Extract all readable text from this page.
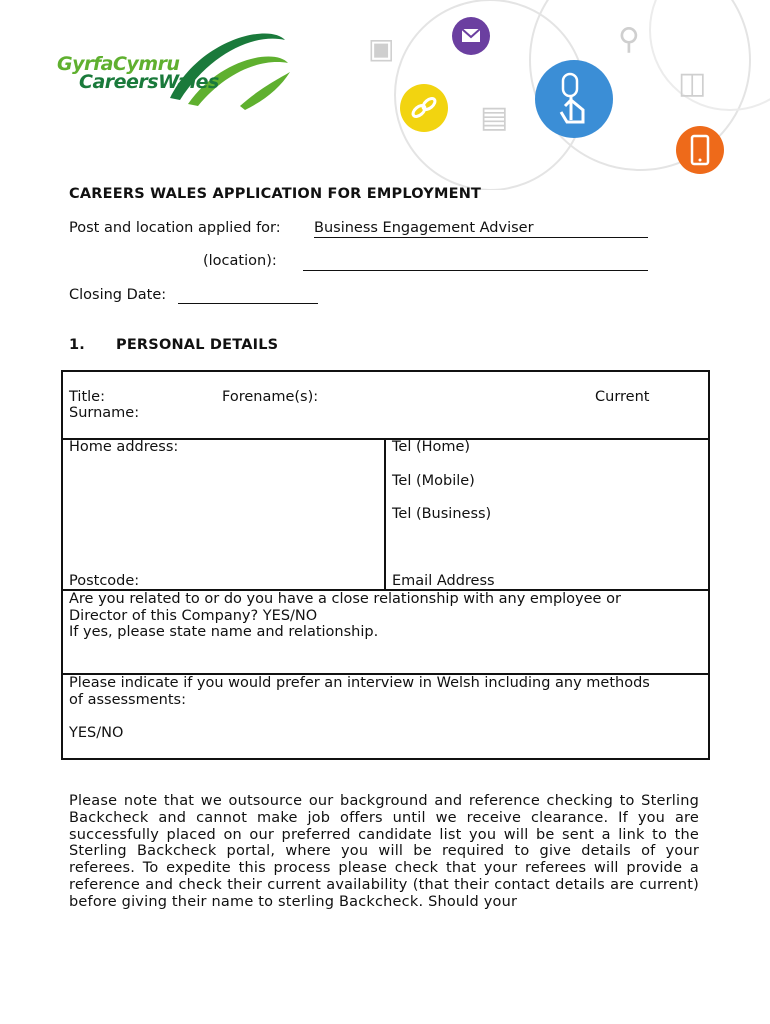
GyrfaCymru
CareersWales
▣
▤
⚲
◫
CAREERS WALES APPLICATION FOR EMPLOYMENT
Post and location applied for: Business Engagement Adviser
(location):
Closing Date:
1. PERSONAL DETAILS
Title:	Forename(s):	Current
Surname:
Home address:
Postcode:
Tel (Home)
Tel (Mobile)
Tel (Business)
Email Address
Are you related to or do you have a close relationship with any employee or
Director of this Company? YES/NO
If yes, please state name and relationship.
Please indicate if you would prefer an interview in Welsh including any methods
of assessments:
YES/NO
Please note that we outsource our background and reference checking to Sterling Backcheck and cannot make job offers until we receive clearance. If you are successfully placed on our preferred candidate list you will be sent a link to the Sterling Backcheck portal, where you will be required to give details of your referees. To expedite this process please check that your referees will provide a reference and check their current availability (that their contact details are current) before giving their name to sterling Backcheck. Should your
